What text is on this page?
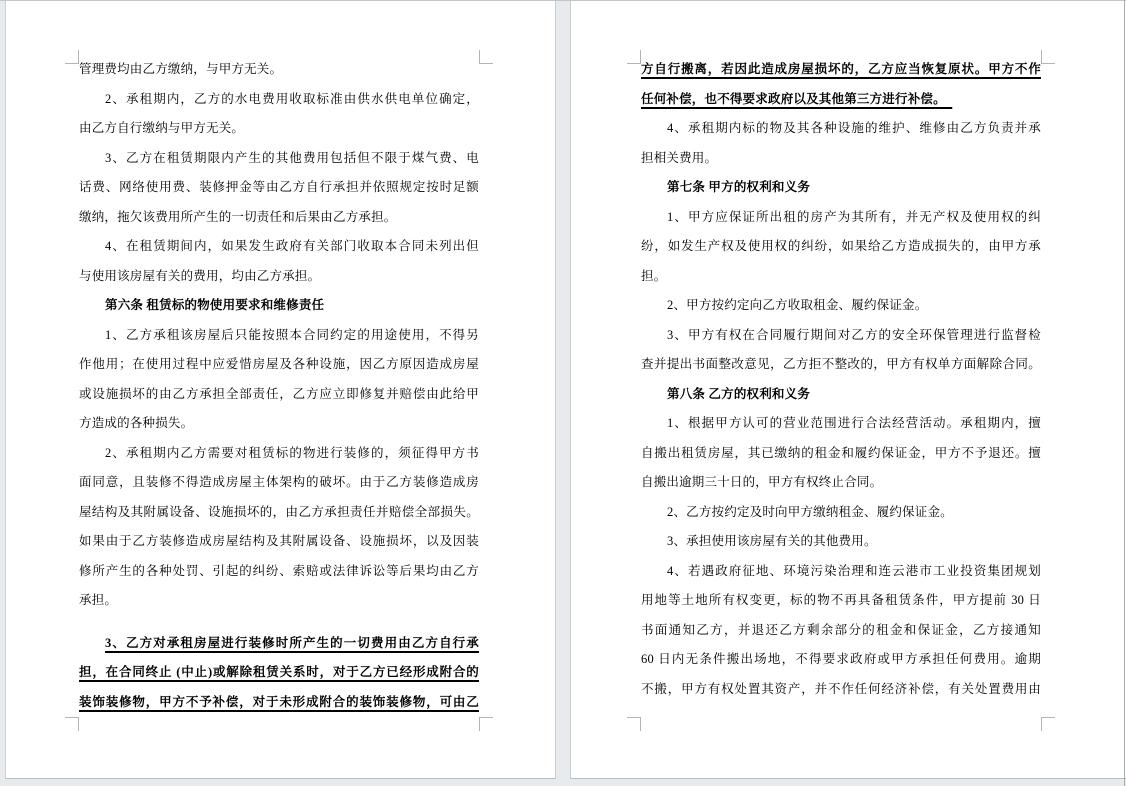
管理费均由乙方缴纳，与甲方无关。
2、承租期内，乙方的水电费用收取标准由供水供电单位确定，
由乙方自行缴纳与甲方无关。
3、乙方在租赁期限内产生的其他费用包括但不限于煤气费、电
话费、网络使用费、装修押金等由乙方自行承担并依照规定按时足额
缴纳，拖欠该费用所产生的一切责任和后果由乙方承担。
4、在租赁期间内，如果发生政府有关部门收取本合同未列出但
与使用该房屋有关的费用，均由乙方承担。
第六条 租赁标的物使用要求和维修责任
1、乙方承租该房屋后只能按照本合同约定的用途使用，不得另
作他用；在使用过程中应爱惜房屋及各种设施，因乙方原因造成房屋
或设施损坏的由乙方承担全部责任，乙方应立即修复并赔偿由此给甲
方造成的各种损失。
2、承租期内乙方需要对租赁标的物进行装修的，须征得甲方书
面同意，且装修不得造成房屋主体架构的破坏。由于乙方装修造成房
屋结构及其附属设备、设施损坏的，由乙方承担责任并赔偿全部损失。
如果由于乙方装修造成房屋结构及其附属设备、设施损坏，以及因装
修所产生的各种处罚、引起的纠纷、索赔或法律诉讼等后果均由乙方
承担。
3、乙方对承租房屋进行装修时所产生的一切费用由乙方自行承
担，在合同终止 (中止)或解除租赁关系时，对于乙方已经形成附合的
装饰装修物，甲方不予补偿，对于未形成附合的装饰装修物，可由乙
方自行搬离，若因此造成房屋损坏的，乙方应当恢复原状。甲方不作
任何补偿，也不得要求政府以及其他第三方进行补偿。　
4、承租期内标的物及其各种设施的维护、维修由乙方负责并承
担相关费用。
第七条 甲方的权利和义务
1、甲方应保证所出租的房产为其所有，并无产权及使用权的纠
纷，如发生产权及使用权的纠纷，如果给乙方造成损失的，由甲方承
担。
2、甲方按约定向乙方收取租金、履约保证金。
3、甲方有权在合同履行期间对乙方的安全环保管理进行监督检
查并提出书面整改意见，乙方拒不整改的，甲方有权单方面解除合同。
第八条 乙方的权利和义务
1、根据甲方认可的营业范围进行合法经营活动。承租期内，擅
自搬出租赁房屋，其已缴纳的租金和履约保证金，甲方不予退还。擅
自搬出逾期三十日的，甲方有权终止合同。
2、乙方按约定及时向甲方缴纳租金、履约保证金。
3、承担使用该房屋有关的其他费用。
4、若遇政府征地、环境污染治理和连云港市工业投资集团规划
用地等土地所有权变更，标的物不再具备租赁条件，甲方提前 30 日
书面通知乙方，并退还乙方剩余部分的租金和保证金，乙方接通知
60 日内无条件搬出场地，不得要求政府或甲方承担任何费用。逾期
不搬，甲方有权处置其资产，并不作任何经济补偿，有关处置费用由
